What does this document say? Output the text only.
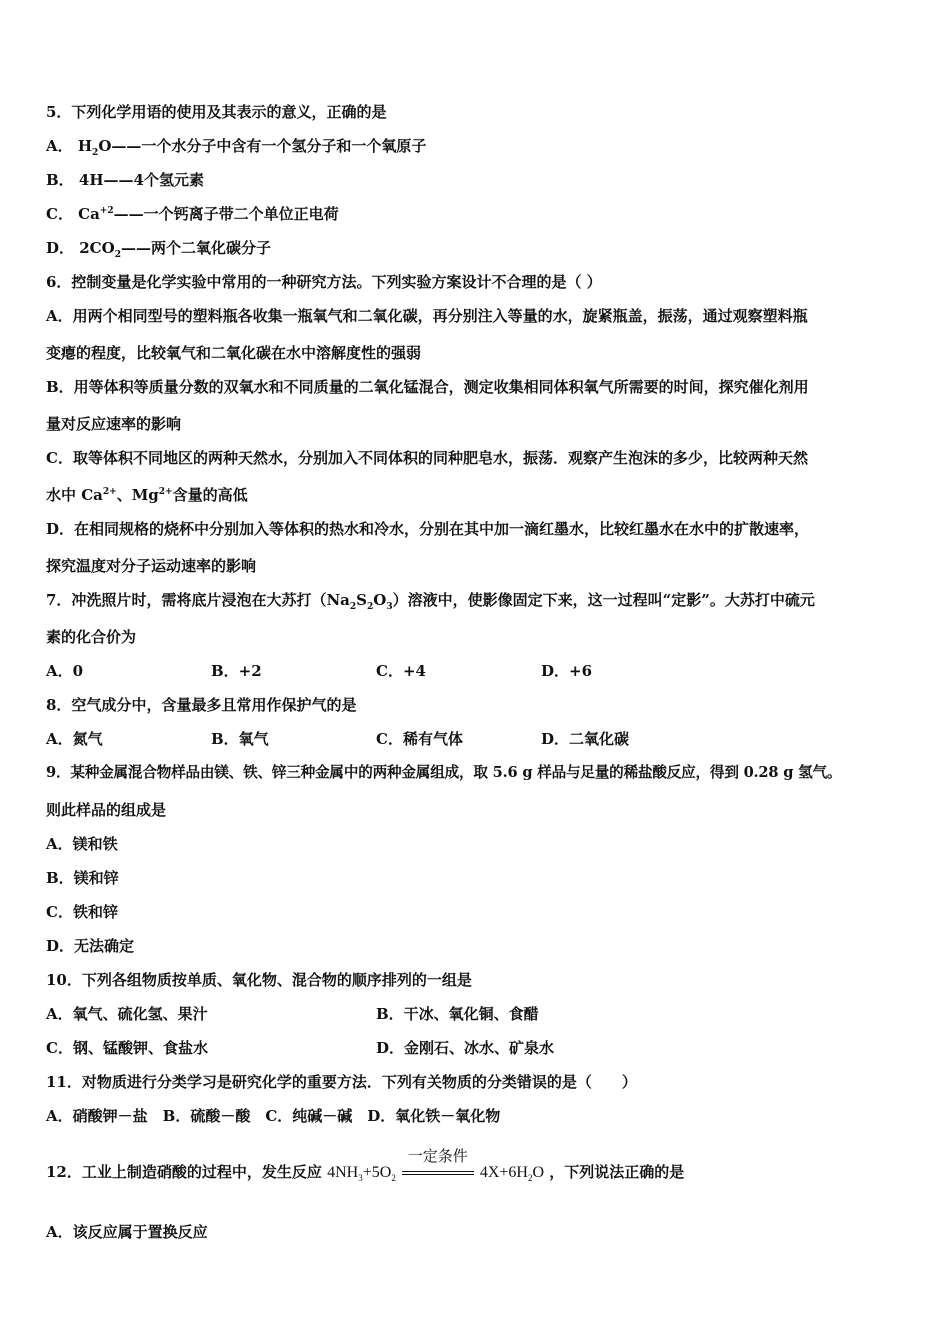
5．下列化学用语的使用及其表示的意义，正确的是
A． $H_2O——$一个水分子中含有一个氢分子和一个氧原子
B． 4H——4个氢元素
C． $Ca^{+2}——$一个钙离子带二个单位正电荷
D． $2CO_2——$两个二氧化碳分子
6．控制变量是化学实验中常用的一种研究方法。下列实验方案设计不合理的是（ ）
A．用两个相同型号的塑料瓶各收集一瓶氧气和二氧化碳，再分别注入等量的水，旋紧瓶盖，振荡，通过观察塑料瓶
变瘪的程度，比较氧气和二氧化碳在水中溶解度性的强弱
B．用等体积等质量分数的双氧水和不同质量的二氧化锰混合，测定收集相同体积氧气所需要的时间，探究催化剂用
量对反应速率的影响
C．取等体积不同地区的两种天然水，分别加入不同体积的同种肥皂水，振荡．观察产生泡沫的多少，比较两种天然
水中 $Ca^{2+}$、$Mg^{2+}$含量的高低
D．在相同规格的烧杯中分别加入等体积的热水和冷水，分别在其中加一滴红墨水，比较红墨水在水中的扩散速率，
探究温度对分子运动速率的影响
7．冲洗照片时，需将底片浸泡在大苏打$(Na_2S_2O_3)$溶液中，使影像固定下来，这一过程叫“定影”。大苏打中硫元
素的化合价为
A．0	B．+2	C．+4	D．+6
8．空气成分中，含量最多且常用作保护气的是
A．氮气	B．氧气	C．稀有气体	D．二氧化碳
9．某种金属混合物样品由镁、铁、锌三种金属中的两种金属组成，取 5.6 g 样品与足量的稀盐酸反应，得到 0.28 g 氢气。
则此样品的组成是
A．镁和铁
B．镁和锌
C．铁和锌
D．无法确定
10．下列各组物质按单质、氧化物、混合物的顺序排列的一组是
A．氧气、硫化氢、果汁	B．干冰、氧化铜、食醋
C．钢、锰酸钾、食盐水	D．金刚石、冰水、矿泉水
11．对物质进行分类学习是研究化学的重要方法．下列有关物质的分类错误的是（　　）
A．硝酸钾－盐　B．硫酸－酸　C．纯碱－碱　D．氧化铁－氧化物
12．工业上制造硝酸的过程中，发生反应 $4NH_3+5O_2$
一定条件
$4X+6H_2O$ ，下列说法正确的是
A．该反应属于置换反应
